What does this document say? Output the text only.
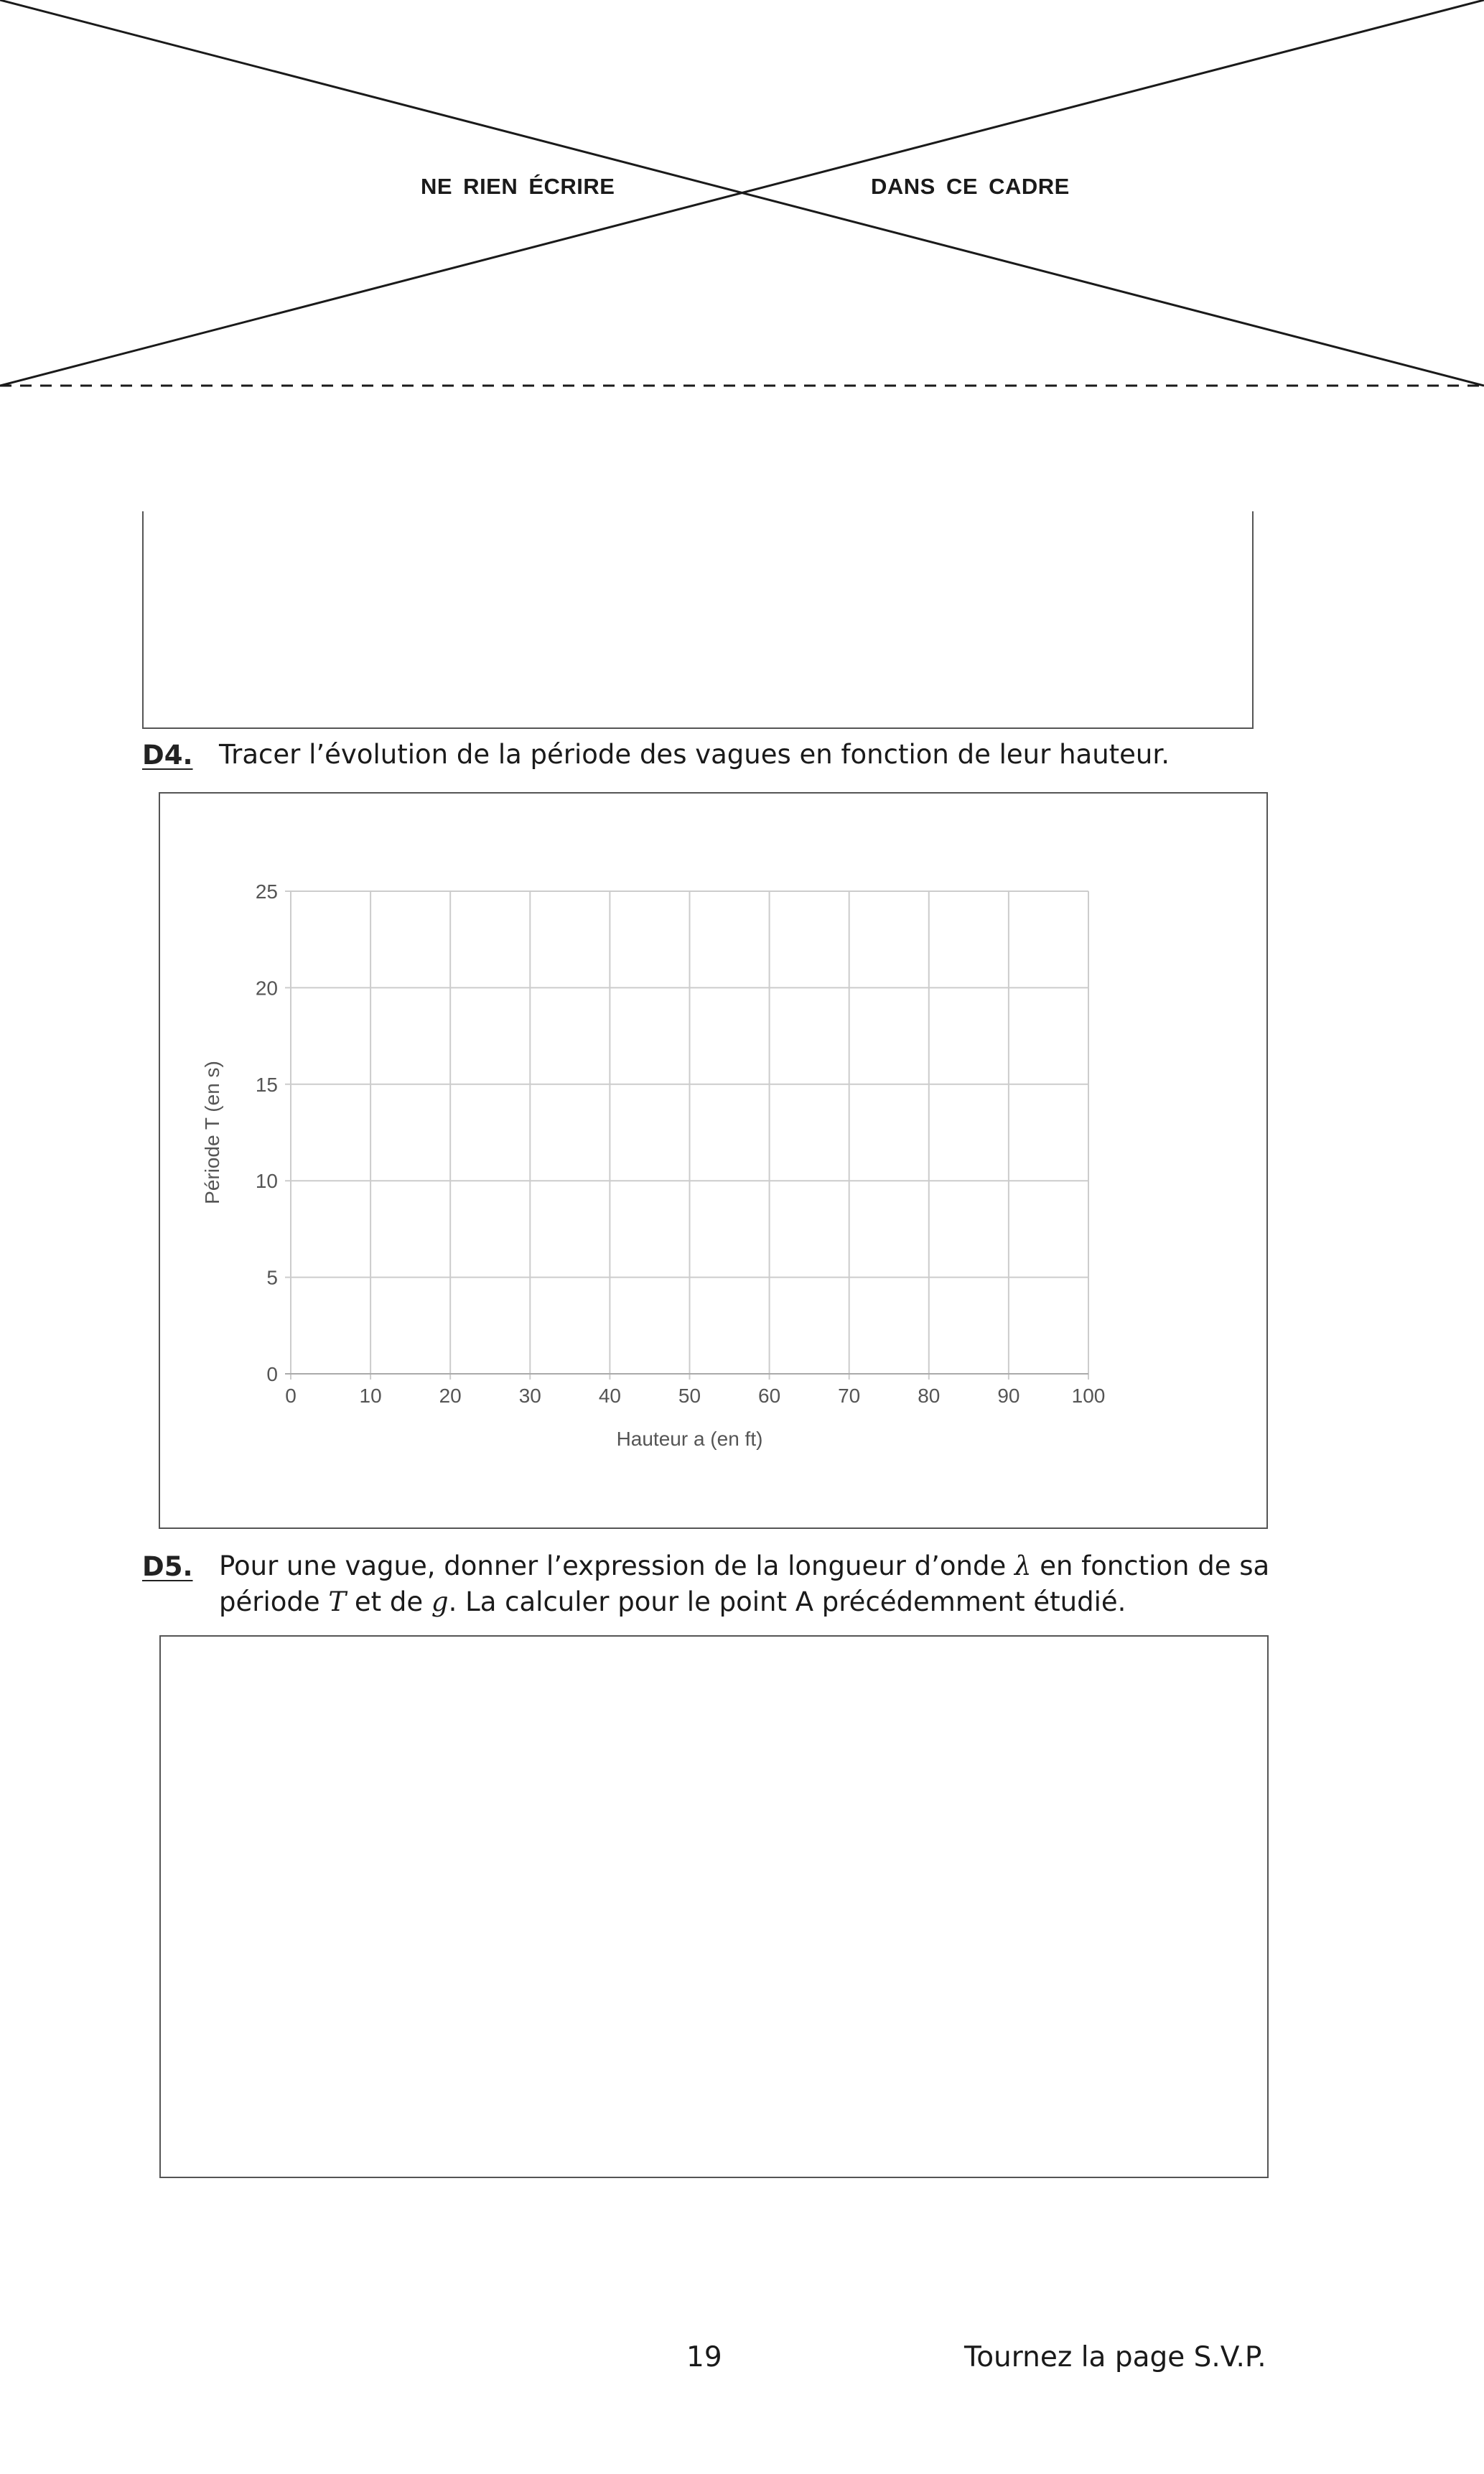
NE RIEN ÉCRIRE	DANS CE CADRE
D4. Tracer l’évolution de la période des vagues en fonction de leur hauteur.
0	10	20	30	40	50	60	70	80	90	100
0
5
10
15
20
25
Hauteur a (en ft)
Période T (en s)
D5. Pour une vague, donner l’expression de la longueur d’onde λ en fonction de sa
période T et de g. La calculer pour le point A précédemment étudié.
19	Tournez la page S.V.P.
